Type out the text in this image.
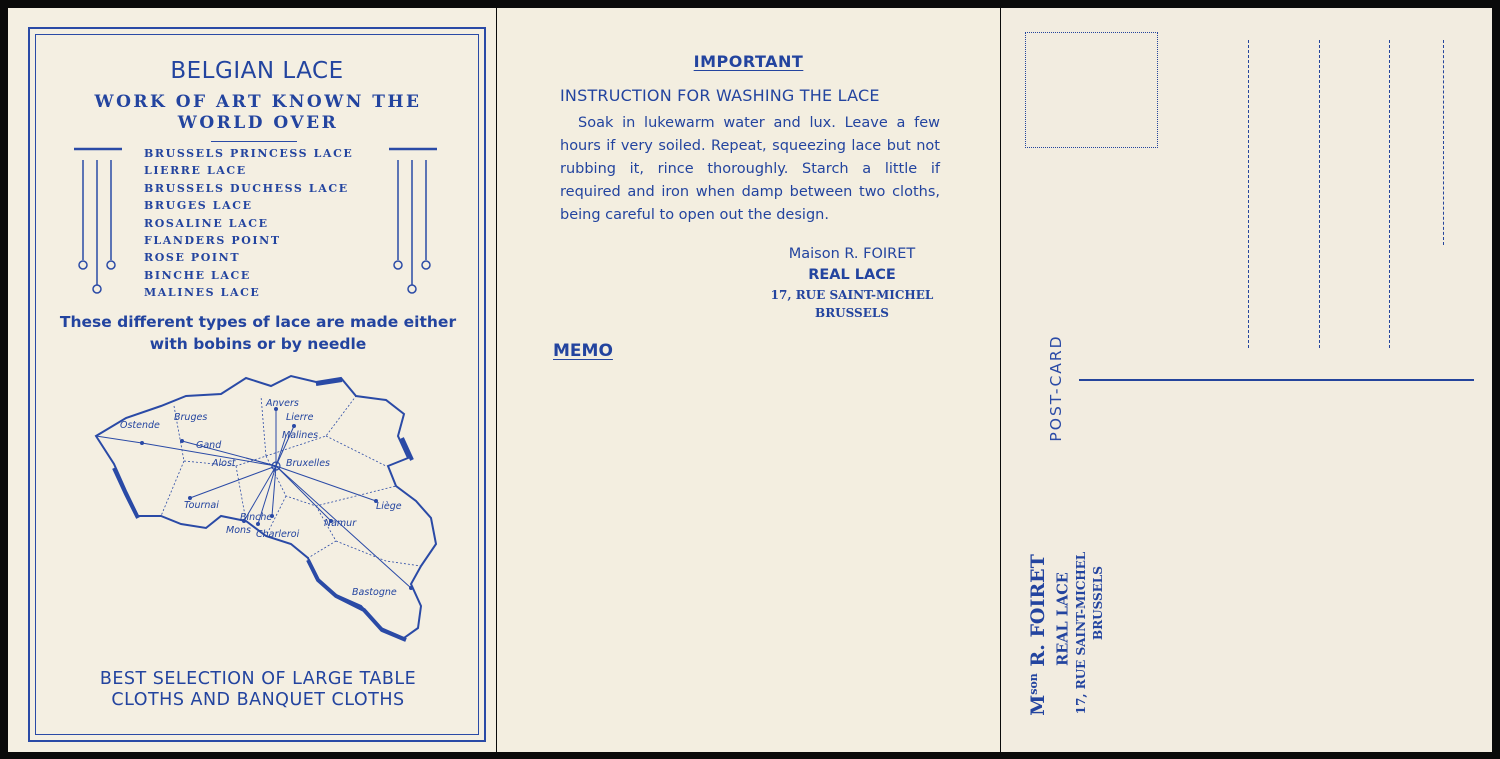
BELGIAN LACE
WORK OF ART KNOWN THE WORLD OVER
BRUSSELS PRINCESS LACE
LIERRE LACE
BRUSSELS DUCHESS LACE
BRUGES LACE
ROSALINE LACE
FLANDERS POINT
ROSE POINT
BINCHE LACE
MALINES LACE
These different types of lace are made either with bobins or by needle
Anvers
Lierre
Malines
Ostende
Bruges
Gand
Alost	Bruxelles
Tournai
Binche
Mons Charleroi
Namur
Liège
Bastogne
BEST SELECTION OF LARGE TABLE CLOTHS AND BANQUET CLOTHS
IMPORTANT
INSTRUCTION FOR WASHING THE LACE
Soak in lukewarm water and lux. Leave a few hours if very soiled. Repeat, squeezing lace but not rubbing it, rince thoroughly. Starch a little if required and iron when damp between two cloths, being careful to open out the design.
Maison R. FOIRET
REAL LACE
17, RUE SAINT-MICHEL
BRUSSELS
MEMO	POST-CARD
$M^{son}$ R. FOIRET REAL LACE 17, RUE SAINT-MICHEL BRUSSELS
